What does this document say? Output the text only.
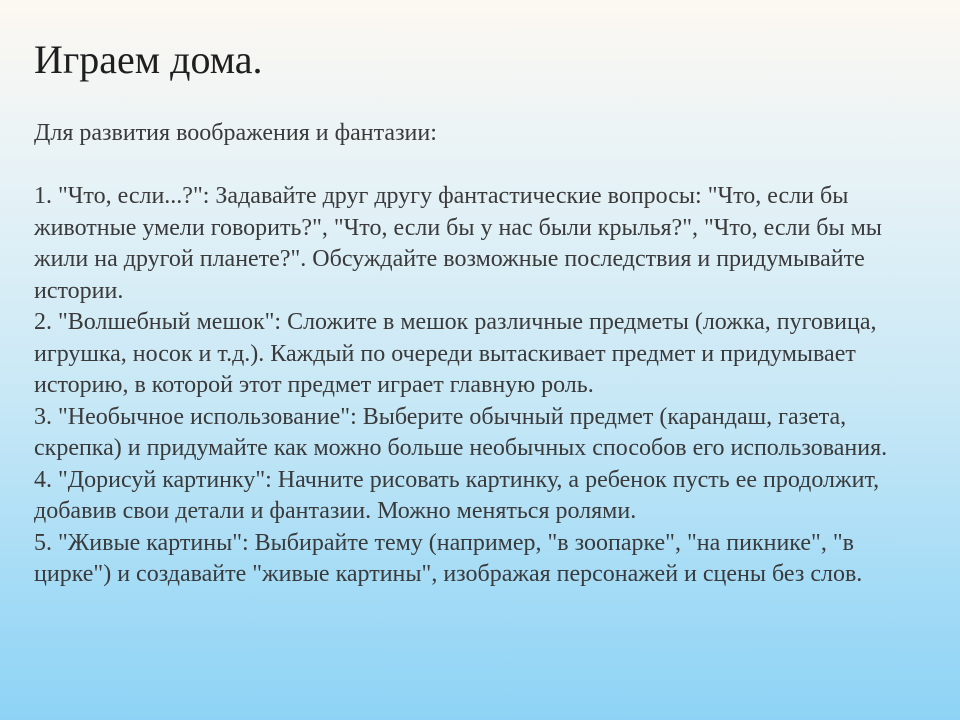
Играем дома.

Для развития воображения и фантазии:

1. "Что, если...?": Задавайте друг другу фантастические вопросы: "Что, если бы животные умели говорить?", "Что, если бы у нас были крылья?", "Что, если бы мы жили на другой планете?". Обсуждайте возможные последствия и придумывайте истории.

2. "Волшебный мешок": Сложите в мешок различные предметы (ложка, пуговица, игрушка, носок и т.д.). Каждый по очереди вытаскивает предмет и придумывает историю, в которой этот предмет играет главную роль.

3. "Необычное использование": Выберите обычный предмет (карандаш, газета, скрепка) и придумайте как можно больше необычных способов его использования.

4. "Дорисуй картинку": Начните рисовать картинку, а ребенок пусть ее продолжит, добавив свои детали и фантазии. Можно меняться ролями.

5. "Живые картины": Выбирайте тему (например, "в зоопарке", "на пикнике", "в цирке") и создавайте "живые картины", изображая персонажей и сцены без слов.
